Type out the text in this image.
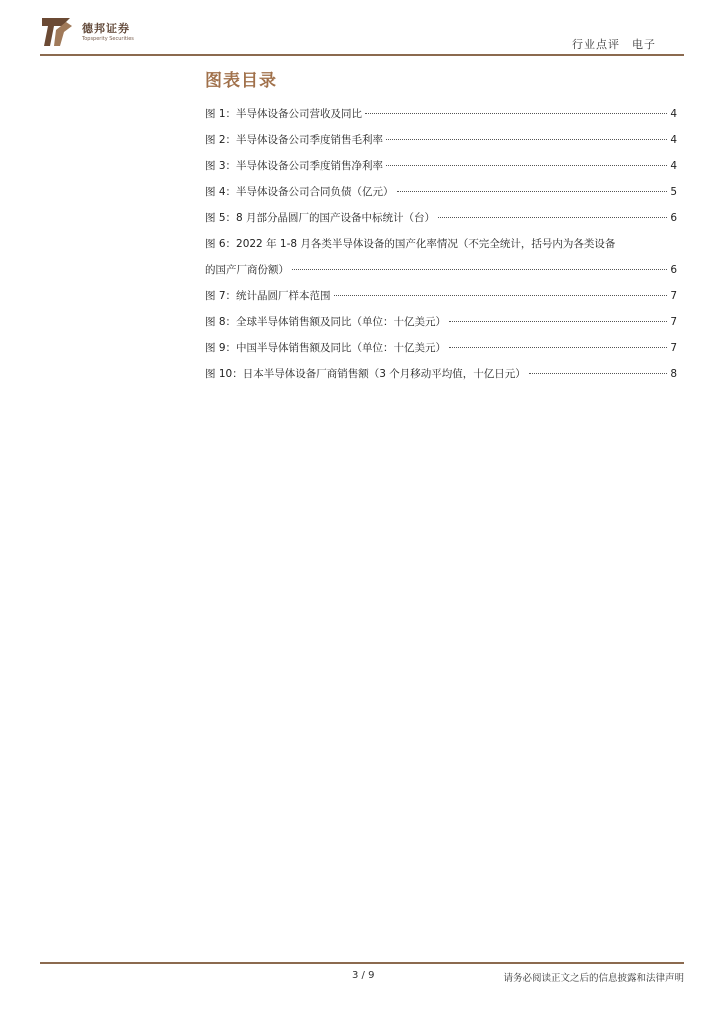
德邦证券
Topsperity Securities	行业点评　电子
图表目录
图 1：半导体设备公司营收及同比	4
图 2：半导体设备公司季度销售毛利率	4
图 3：半导体设备公司季度销售净利率	4
图 4：半导体设备公司合同负债（亿元）	5
图 5：8 月部分晶圆厂的国产设备中标统计（台）	6
图 6：2022 年 1-8 月各类半导体设备的国产化率情况（不完全统计，括号内为各类设备
的国产厂商份额）	6
图 7：统计晶圆厂样本范围	7
图 8：全球半导体销售额及同比（单位：十亿美元）	7
图 9：中国半导体销售额及同比（单位：十亿美元）	7
图 10：日本半导体设备厂商销售额（3 个月移动平均值，十亿日元）	8
3 / 9	请务必阅读正文之后的信息披露和法律声明
